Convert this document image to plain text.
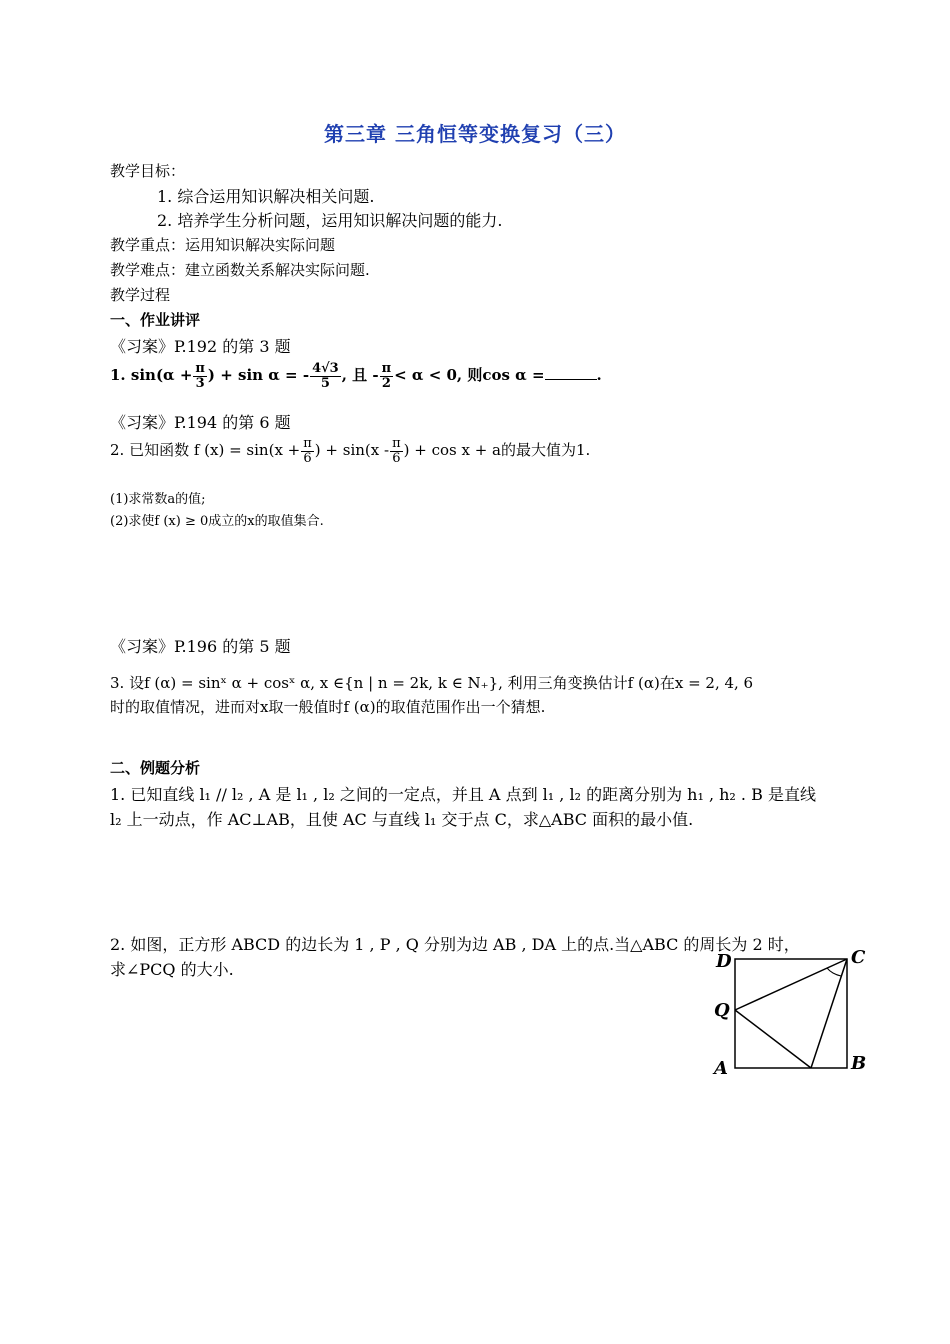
第三章 三角恒等变换复习（三）
教学目标：
1. 综合运用知识解决相关问题.
2. 培养学生分析问题，运用知识解决问题的能力.
教学重点：运用知识解决实际问题
教学难点：建立函数关系解决实际问题.
教学过程
一、作业讲评
《习案》P.192 的第 3 题
1. $\sin(\alpha + \frac{\pi}{3}$ ) + sin α = - $\frac{4√3}{5}$ , 且 - $\frac{\pi}{2} < \alpha < 0$, 则cos α =	.
《习案》P.194 的第 6 题
2. 已知函数 f $(x) = \sin(x + \frac{\pi}{6}$ ) + $\sin(x - \frac{\pi}{6}$ ) + cos x + a的最大值为1.
(1)求常数a的值;
(2)求使f (x) ≥ 0成立的x的取值集合.
《习案》P.196 的第 5 题
3. 设f (α) = sinˣ α + cosˣ α, x ∈{n | n = 2k, k ∈ N₊}, 利用三角变换估计f (α)在x = 2, 4, 6
时的取值情况，进而对x取一般值时f (α)的取值范围作出一个猜想.
二、例题分析
1. 已知直线 l₁ // l₂ , A 是 l₁ , l₂ 之间的一定点，并且 A 点到 l₁ , l₂ 的距离分别为 h₁ , h₂ . B 是直线
l₂ 上一动点，作 AC⊥AB，且使 AC 与直线 l₁ 交于点 C，求△ABC 面积的最小值.
2. 如图，正方形 ABCD 的边长为 1 , P , Q 分别为边 AB , DA 上的点.当△ABC 的周长为 2 时，
求∠PCQ 的大小.	D	C
Q
A	B
